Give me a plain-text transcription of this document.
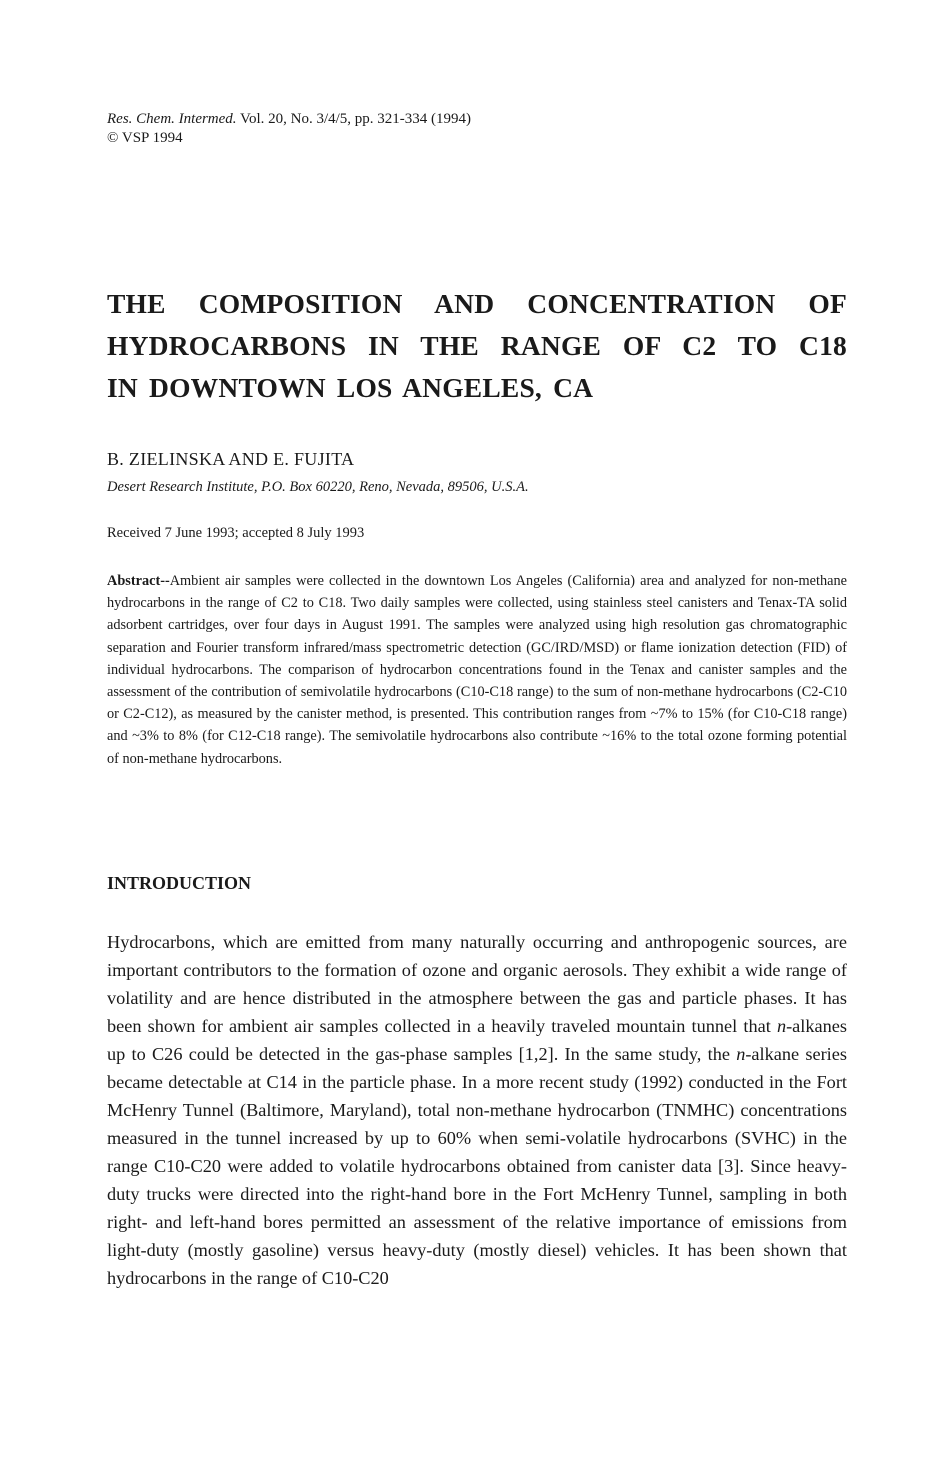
Res. Chem. Intermed. Vol. 20, No. 3/4/5, pp. 321-334 (1994)
© VSP 1994
THE COMPOSITION AND CONCENTRATION OF
HYDROCARBONS IN THE RANGE OF C2 TO C18
IN DOWNTOWN LOS ANGELES, CA
B. ZIELINSKA AND E. FUJITA
Desert Research Institute, P.O. Box 60220, Reno, Nevada, 89506, U.S.A.
Received 7 June 1993; accepted 8 July 1993

Abstract--Ambient air samples were collected in the downtown Los Angeles (California) area and analyzed for non-methane hydrocarbons in the range of C2 to C18. Two daily samples were collected, using stainless steel canisters and Tenax-TA solid adsorbent cartridges, over four days in August 1991. The samples were analyzed using high resolution gas chromatographic separation and Fourier transform infrared/mass spectrometric detection (GC/IRD/MSD) or flame ionization detection (FID) of individual hydrocarbons. The comparison of hydrocarbon concentrations found in the Tenax and canister samples and the assessment of the contribution of semivolatile hydrocarbons (C10-C18 range) to the sum of non-methane hydrocarbons (C2-C10 or C2-C12), as measured by the canister method, is presented. This contribution ranges from ~7% to 15% (for C10-C18 range) and ~3% to 8% (for C12-C18 range). The semivolatile hydrocarbons also contribute ~16% to the total ozone forming potential of non-methane hydrocarbons.

INTRODUCTION

Hydrocarbons, which are emitted from many naturally occurring and anthropogenic sources, are important contributors to the formation of ozone and organic aerosols. They exhibit a wide range of volatility and are hence distributed in the atmosphere between the gas and particle phases. It has been shown for ambient air samples collected in a heavily traveled mountain tunnel that n-alkanes up to C26 could be detected in the gas-phase samples [1,2]. In the same study, the n-alkane series became detectable at C14 in the particle phase. In a more recent study (1992) conducted in the Fort McHenry Tunnel (Baltimore, Maryland), total non-methane hydrocarbon (TNMHC) concentrations measured in the tunnel increased by up to 60% when semi-volatile hydrocarbons (SVHC) in the range C10-C20 were added to volatile hydrocarbons obtained from canister data [3]. Since heavy-duty trucks were directed into the right-hand bore in the Fort McHenry Tunnel, sampling in both right- and left-hand bores permitted an assessment of the relative importance of emissions from light-duty (mostly gasoline) versus heavy-duty (mostly diesel) vehicles. It has been shown that hydrocarbons in the range of C10-C20
